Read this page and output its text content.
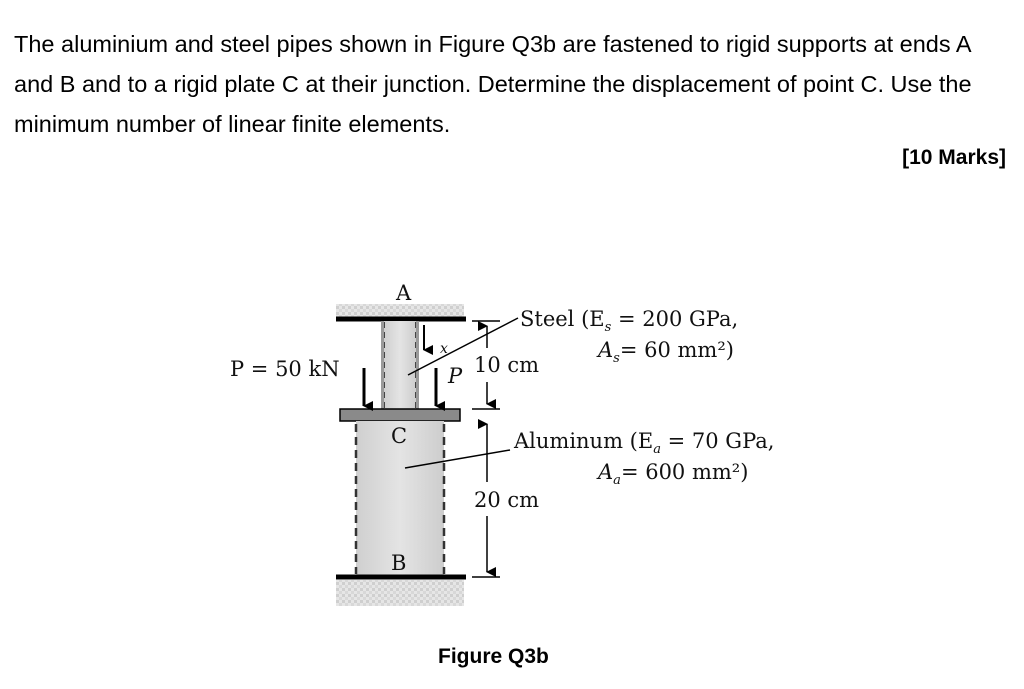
The aluminium and steel pipes shown in Figure Q3b are fastened to rigid supports at ends A and B and to a rigid plate C at their junction. Determine the displacement of point C. Use the minimum number of linear finite elements.

[10 Marks]
A
C
B
P = 50 kN	P
x
10 cm
20 cm
Steel ($E_s = 200$ GPa,
$A_s= 60$ mm²)
Aluminum ($E_a = 70$ GPa,
$A_a= 600$ mm²)
Figure Q3b
